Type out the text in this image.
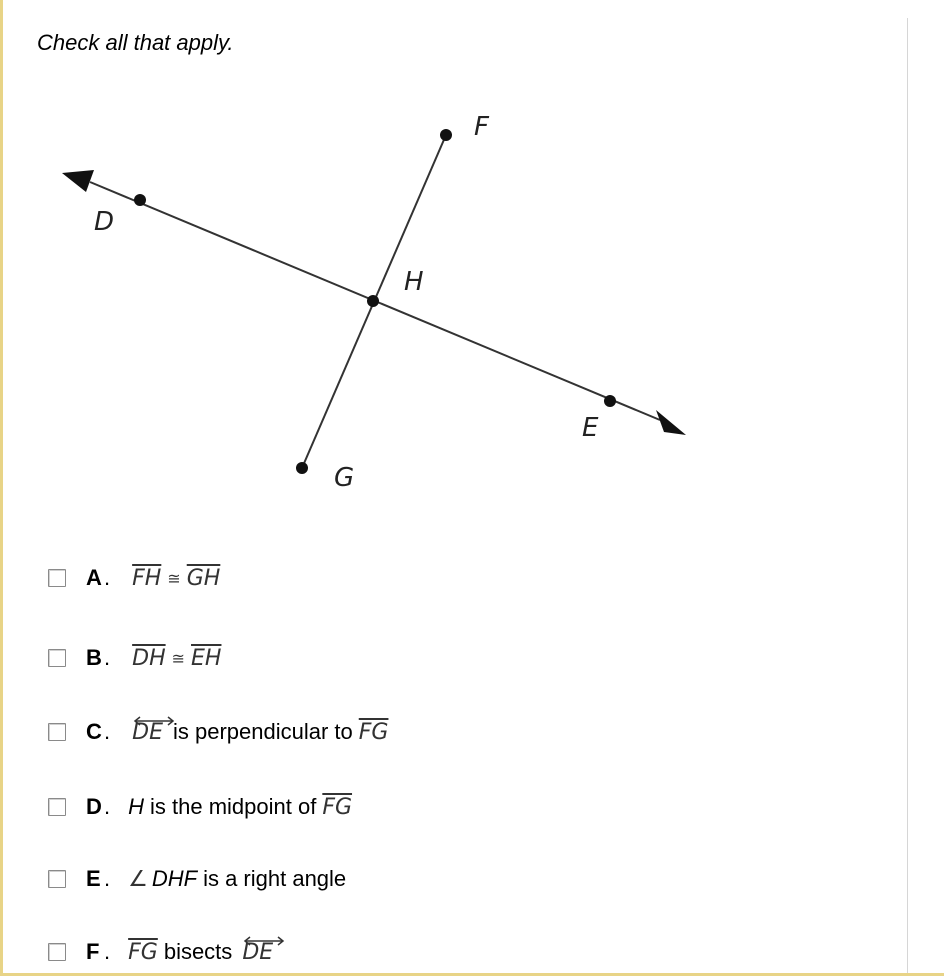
Check all that apply.
D
E
F
G
H
A . $\overline{FH}$ ≅ $\overline{GH}$
B . $\overline{DH}$ ≅ $\overline{EH}$
C . DE is perpendicular to $\overline{FG}$
D . H is the midpoint of $\overline{FG}$
E . ∠ DHF is a right angle
F . $\overline{FG}$ bisects DE
